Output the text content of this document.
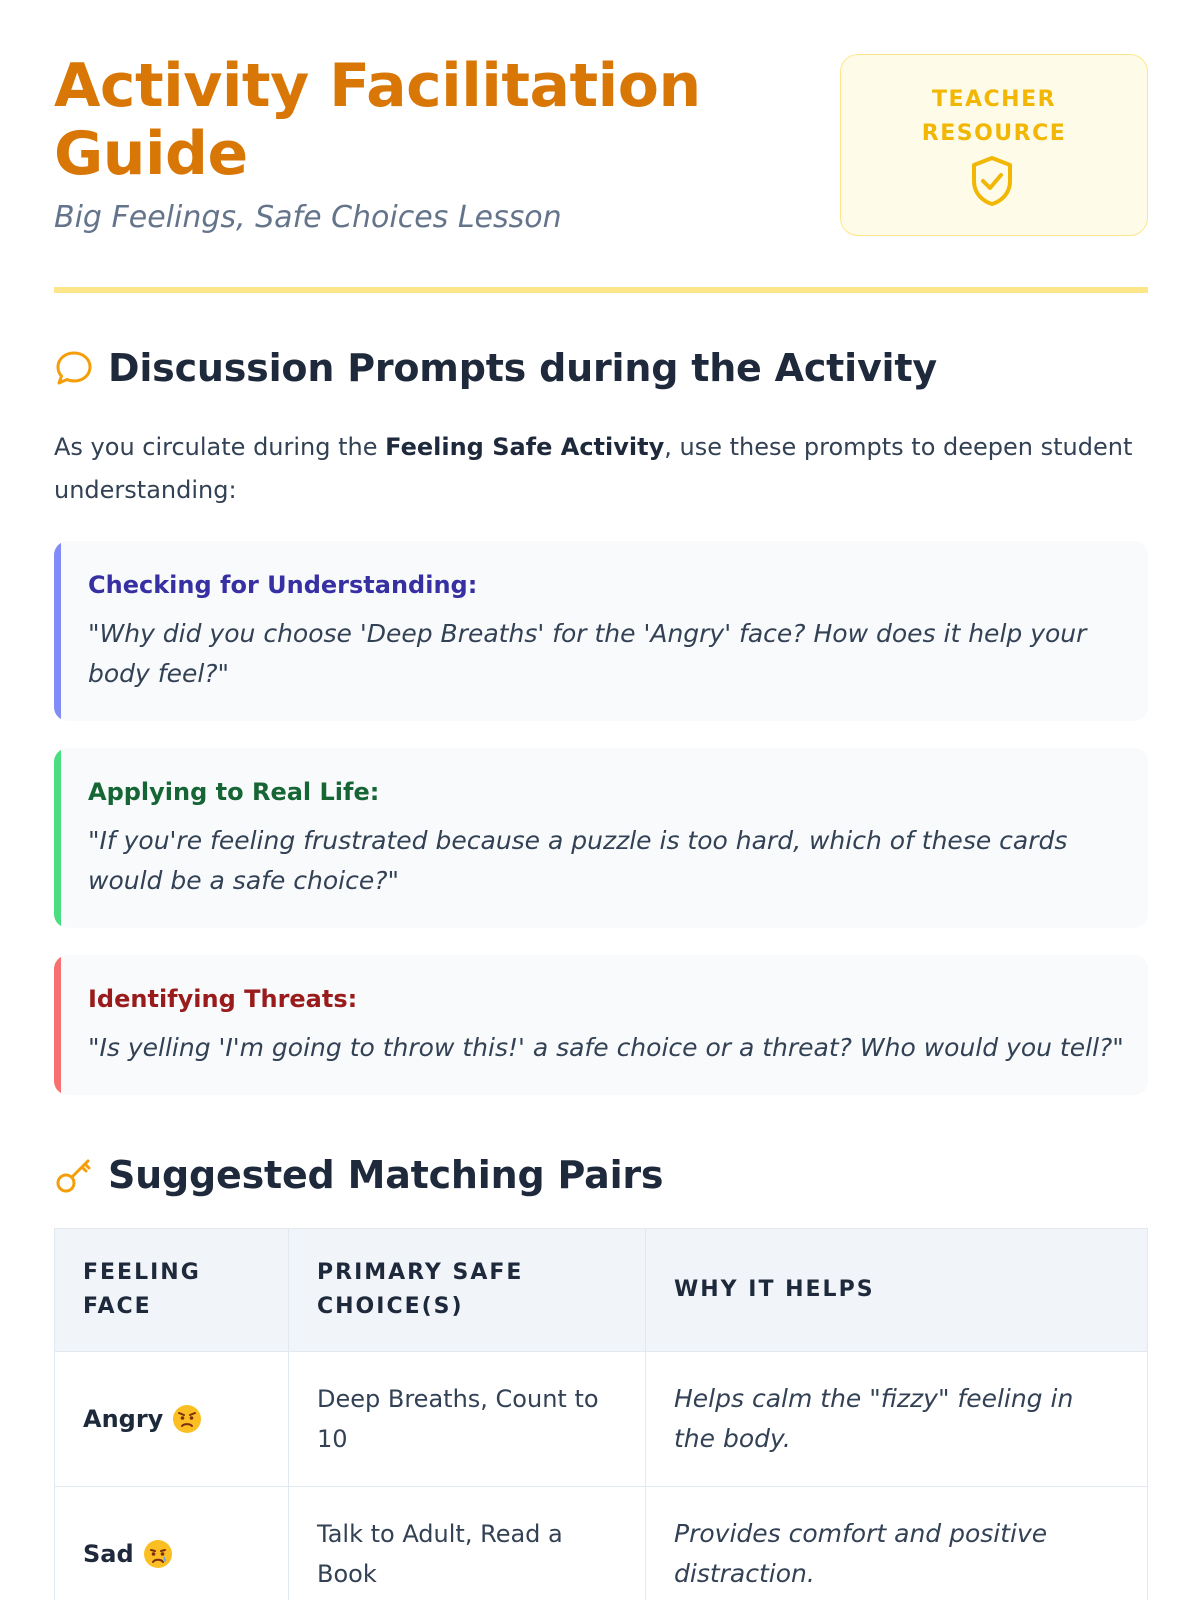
Activity Facilitation Guide
Big Feelings, Safe Choices Lesson
TEACHER
RESOURCE
Discussion Prompts during the Activity

As you circulate during the Feeling Safe Activity, use these prompts to deepen student understanding:

Checking for Understanding:
"Why did you choose 'Deep Breaths' for the 'Angry' face? How does it help your body feel?"
Applying to Real Life:
"If you're feeling frustrated because a puzzle is too hard, which of these cards would be a safe choice?"
Identifying Threats:
"Is yelling 'I'm going to throw this!' a safe choice or a threat? Who would you tell?"
Suggested Matching Pairs
FEELING FACE
PRIMARY SAFE CHOICE(S)
WHY IT HELPS
Angry
Deep Breaths, Count to 10
Helps calm the "fizzy" feeling in the body.
Sad
Talk to Adult, Read a Book
Provides comfort and positive distraction.
